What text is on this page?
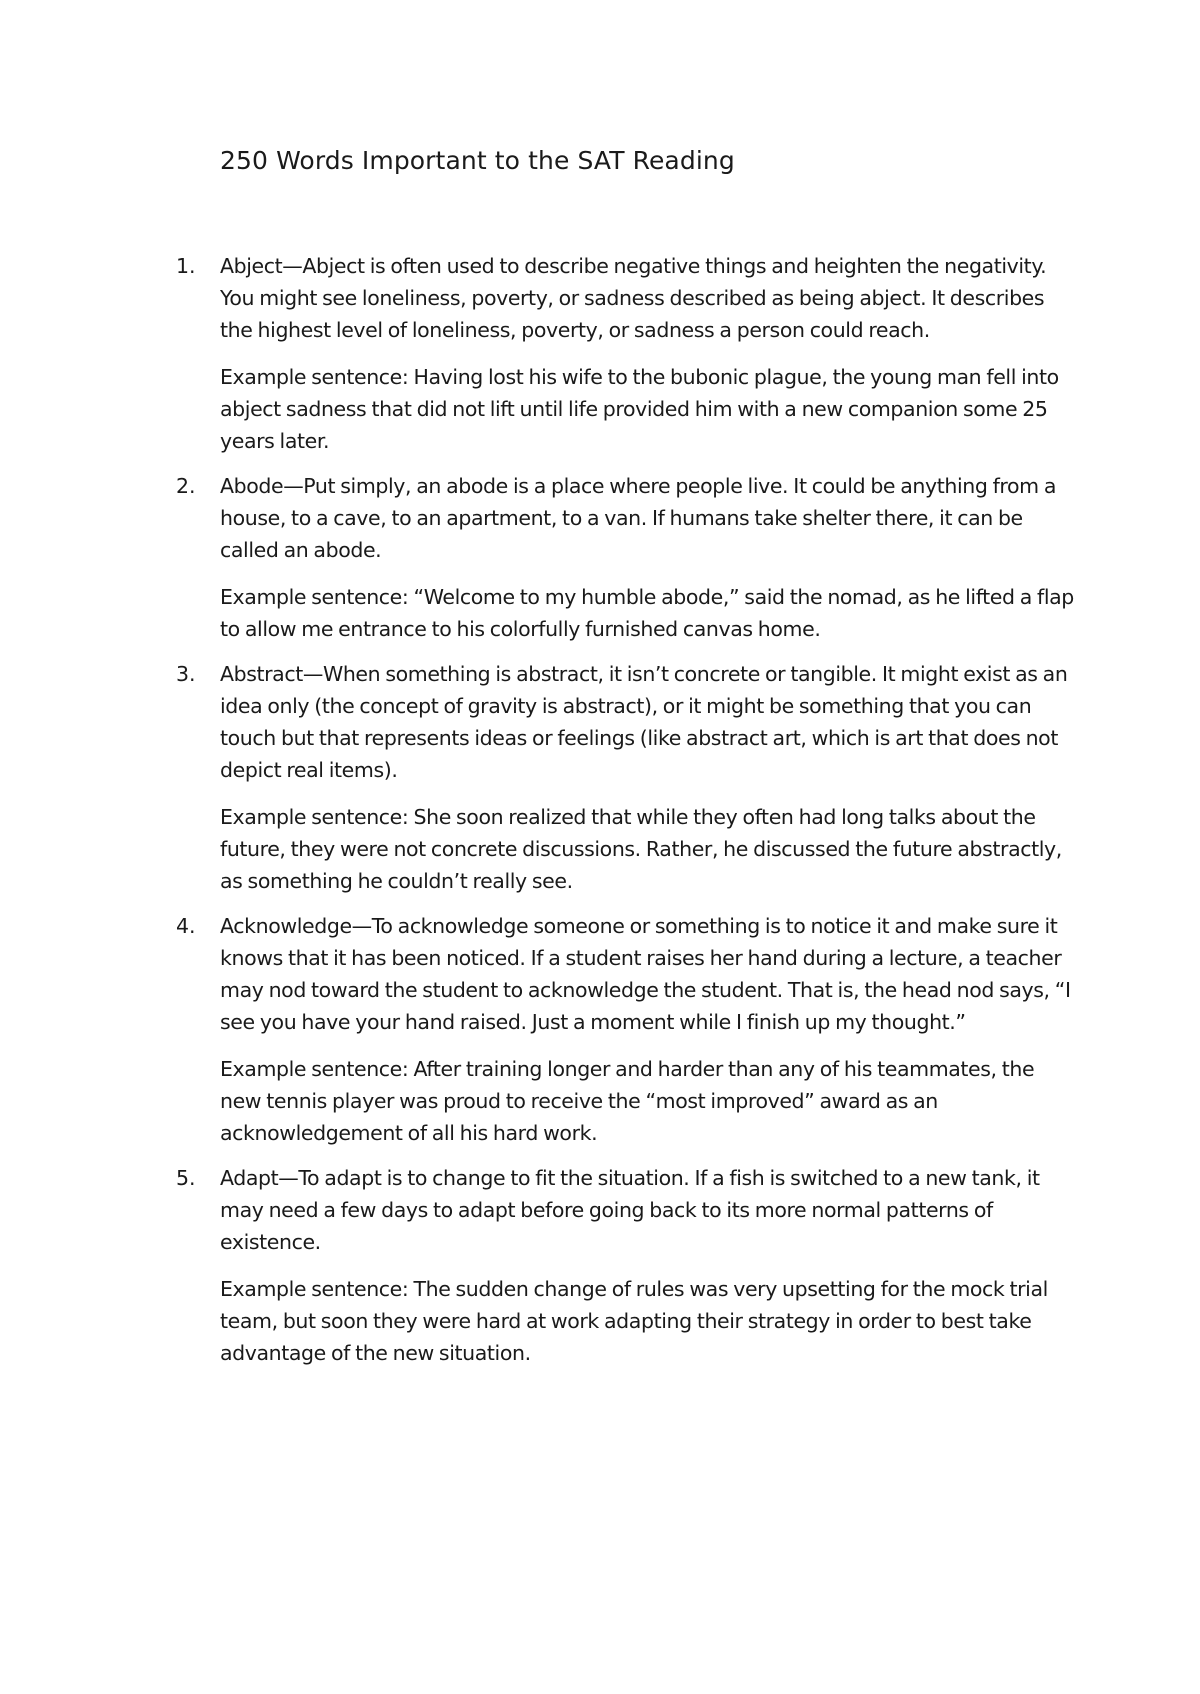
250 Words Important to the SAT Reading
1.	Abject—Abject is often used to describe negative things and heighten the negativity. You might see loneliness, poverty, or sadness described as being abject. It describes the highest level of loneliness, poverty, or sadness a person could reach.

Example sentence: Having lost his wife to the bubonic plague, the young man fell into abject sadness that did not lift until life provided him with a new companion some 25 years later.

2.	Abode—Put simply, an abode is a place where people live. It could be anything from a house, to a cave, to an apartment, to a van. If humans take shelter there, it can be called an abode.

Example sentence: “Welcome to my humble abode,” said the nomad, as he lifted a flap to allow me entrance to his colorfully furnished canvas home.

3.	Abstract—When something is abstract, it isn’t concrete or tangible. It might exist as an idea only (the concept of gravity is abstract), or it might be something that you can touch but that represents ideas or feelings (like abstract art, which is art that does not depict real items).

Example sentence: She soon realized that while they often had long talks about the future, they were not concrete discussions. Rather, he discussed the future abstractly, as something he couldn’t really see.

4.	Acknowledge—To acknowledge someone or something is to notice it and make sure it knows that it has been noticed. If a student raises her hand during a lecture, a teacher may nod toward the student to acknowledge the student. That is, the head nod says, “I see you have your hand raised. Just a moment while I finish up my thought.”

Example sentence: After training longer and harder than any of his teammates, the new tennis player was proud to receive the “most improved” award as an acknowledgement of all his hard work.

5.	Adapt—To adapt is to change to fit the situation. If a fish is switched to a new tank, it may need a few days to adapt before going back to its more normal patterns of existence.

Example sentence: The sudden change of rules was very upsetting for the mock trial team, but soon they were hard at work adapting their strategy in order to best take advantage of the new situation.
